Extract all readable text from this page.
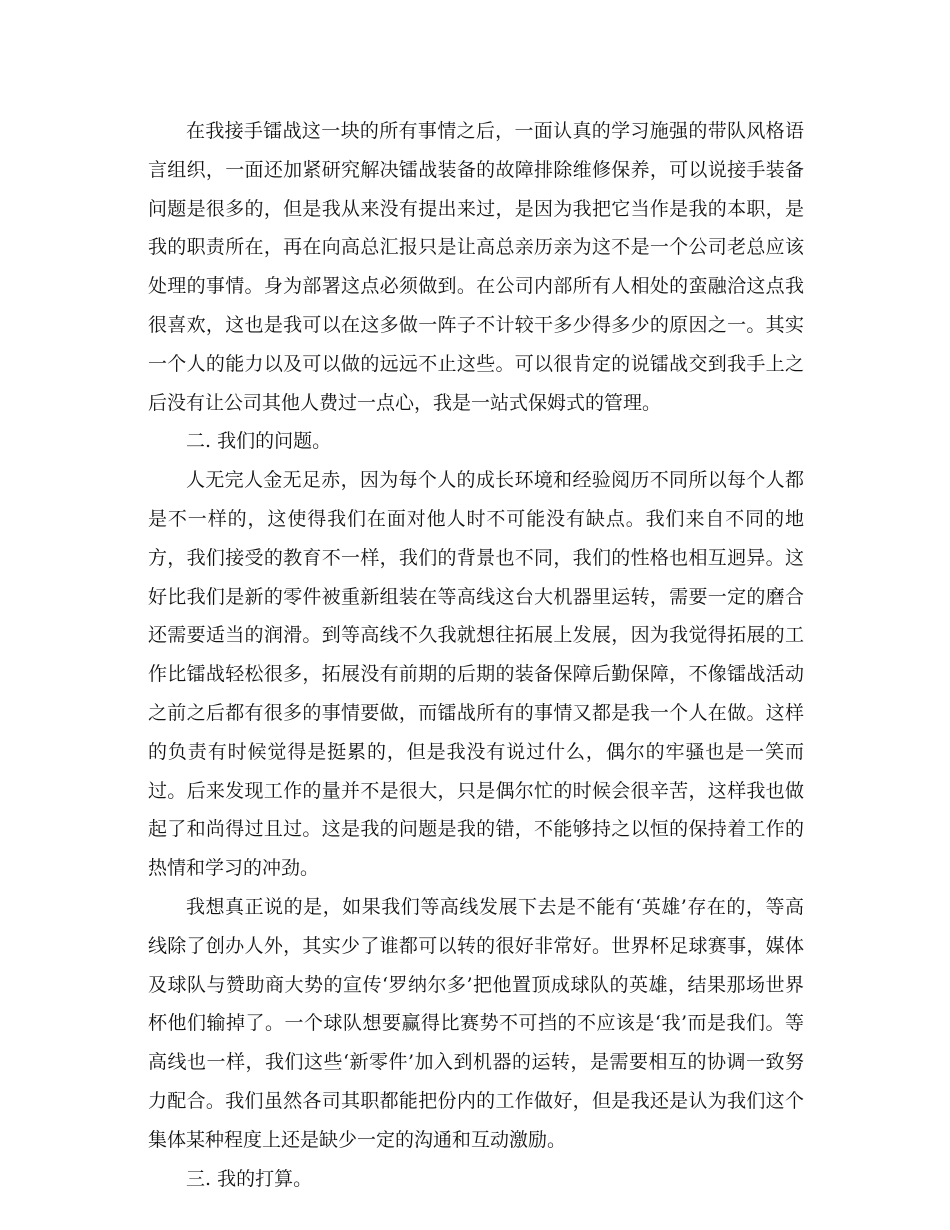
在我接手镭战这一块的所有事情之后，一面认真的学习施强的带队风格语言组织，一面还加紧研究解决镭战装备的故障排除维修保养，可以说接手装备问题是很多的，但是我从来没有提出来过，是因为我把它当作是我的本职，是我的职责所在，再在向高总汇报只是让高总亲历亲为这不是一个公司老总应该处理的事情。身为部署这点必须做到。在公司内部所有人相处的蛮融洽这点我很喜欢，这也是我可以在这多做一阵子不计较干多少得多少的原因之一。其实一个人的能力以及可以做的远远不止这些。可以很肯定的说镭战交到我手上之后没有让公司其他人费过一点心，我是一站式保姆式的管理。

二. 我们的问题。

人无完人金无足赤，因为每个人的成长环境和经验阅历不同所以每个人都是不一样的，这使得我们在面对他人时不可能没有缺点。我们来自不同的地方，我们接受的教育不一样，我们的背景也不同，我们的性格也相互迥异。这好比我们是新的零件被重新组装在等高线这台大机器里运转，需要一定的磨合还需要适当的润滑。到等高线不久我就想往拓展上发展，因为我觉得拓展的工作比镭战轻松很多，拓展没有前期的后期的装备保障后勤保障，不像镭战活动之前之后都有很多的事情要做，而镭战所有的事情又都是我一个人在做。这样的负责有时候觉得是挺累的，但是我没有说过什么，偶尔的牢骚也是一笑而过。后来发现工作的量并不是很大，只是偶尔忙的时候会很辛苦，这样我也做起了和尚得过且过。这是我的问题是我的错，不能够持之以恒的保持着工作的热情和学习的冲劲。

我想真正说的是，如果我们等高线发展下去是不能有‘英雄’存在的，等高线除了创办人外，其实少了谁都可以转的很好非常好。世界杯足球赛事，媒体及球队与赞助商大势的宣传‘罗纳尔多’把他置顶成球队的英雄，结果那场世界杯他们输掉了。一个球队想要赢得比赛势不可挡的不应该是‘我’而是我们。等高线也一样，我们这些‘新零件’加入到机器的运转，是需要相互的协调一致努力配合。我们虽然各司其职都能把份内的工作做好，但是我还是认为我们这个集体某种程度上还是缺少一定的沟通和互动激励。

三. 我的打算。
